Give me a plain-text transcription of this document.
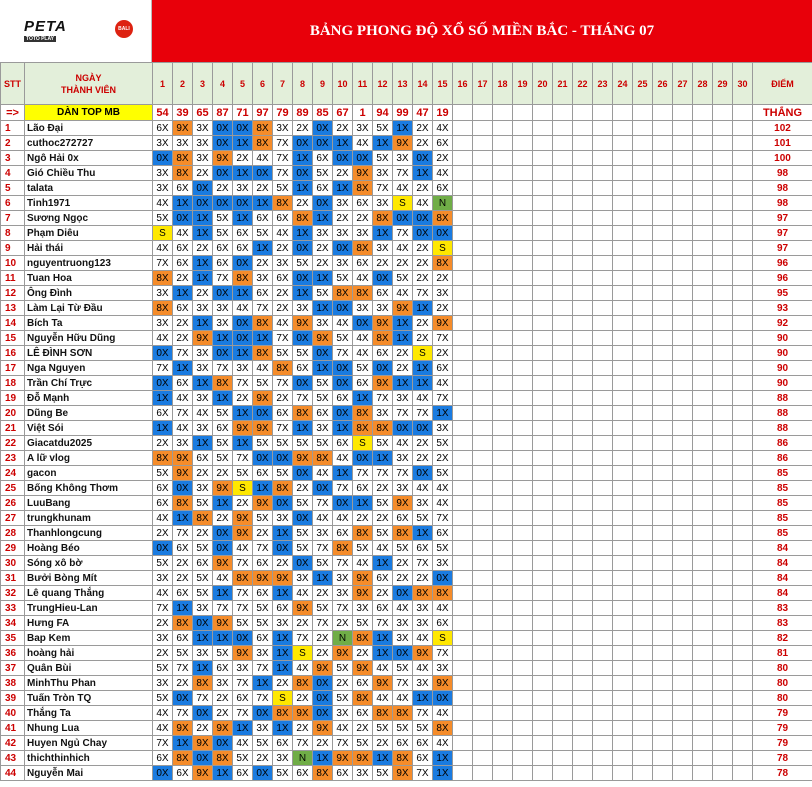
PETA
TOTO PLAY
BALI	BẢNG PHONG ĐỘ XỔ SỐ MIỀN BẮC - THÁNG 07
STT	NGÀY
THÀNH VIÊN	1	2	3	4	5	6	7	8	9	10	11	12	13	14	15	16	17	18	19	20	21	22	23	24	25	26	27	28	29	30	ĐIỂM
=>	DÀN TOP MB	54	39	65	87	71	97	79	89	85	67	1	94	99	47	19																THẮNG
1	Lão Đại	6X	9X	3X	0X	0X	8X	3X	2X	0X	2X	3X	5X	1X	2X	4X																102
2	cuthoc272727	3X	3X	3X	0X	1X	8X	7X	0X	0X	1X	4X	1X	9X	2X	6X																101
3	Ngô Hải 0x	0X	8X	3X	9X	2X	4X	7X	1X	6X	0X	0X	5X	3X	0X	2X																100
4	Gió Chiều Thu	3X	8X	2X	0X	1X	0X	7X	0X	5X	2X	9X	3X	7X	1X	4X																98
5	talata	3X	6X	0X	2X	3X	2X	5X	1X	6X	1X	8X	7X	4X	2X	6X																98
6	Tinh1971	4X	1X	0X	0X	0X	1X	8X	2X	0X	3X	6X	3X	S	4X	N																98
7	Sương Ngọc	5X	0X	1X	5X	1X	6X	6X	8X	1X	2X	2X	8X	0X	0X	8X																97
8	Phạm Diêu	S	4X	1X	5X	6X	5X	4X	1X	3X	3X	3X	1X	7X	0X	0X																97
9	Hải thái	4X	6X	2X	6X	6X	1X	2X	0X	2X	0X	8X	3X	4X	2X	S																97
10	nguyentruong123	7X	6X	1X	6X	0X	2X	3X	5X	2X	3X	6X	2X	2X	2X	8X																96
11	Tuan Hoa	8X	2X	1X	7X	8X	3X	6X	0X	1X	5X	4X	0X	5X	2X	2X																96
12	Ông Đình	3X	1X	2X	0X	1X	6X	2X	1X	5X	8X	8X	6X	4X	7X	3X																95
13	Làm Lại Từ Đầu	8X	6X	3X	3X	4X	7X	2X	3X	1X	0X	3X	3X	9X	1X	2X																93
14	Bích Ta	3X	2X	1X	3X	0X	8X	4X	9X	3X	4X	0X	9X	1X	2X	9X																92
15	Nguyễn Hữu Dũng	4X	2X	9X	1X	0X	1X	7X	0X	9X	5X	4X	8X	1X	2X	7X																90
16	LÊ ĐÌNH SƠN	0X	7X	3X	0X	1X	8X	5X	5X	0X	7X	4X	6X	2X	S	2X																90
17	Nga Nguyen	7X	1X	3X	7X	3X	4X	8X	6X	1X	0X	5X	0X	2X	1X	6X																90
18	Trần Chí Trực	0X	6X	1X	8X	7X	5X	7X	0X	5X	0X	6X	9X	1X	1X	4X																90
19	Đỗ Mạnh	1X	4X	3X	1X	2X	9X	2X	7X	5X	6X	1X	7X	3X	4X	7X																88
20	Dũng Be	6X	7X	4X	5X	1X	0X	6X	8X	6X	0X	8X	3X	7X	7X	1X																88
21	Việt Sói	1X	4X	3X	6X	9X	9X	7X	1X	3X	1X	8X	8X	0X	0X	3X																88
22	Giacatdu2025	2X	3X	1X	5X	1X	5X	5X	5X	5X	6X	S	5X	4X	2X	5X																86
23	A lữ vlog	8X	9X	6X	5X	7X	0X	0X	9X	8X	4X	0X	1X	3X	2X	2X																86
24	gacon	5X	9X	2X	2X	5X	6X	5X	0X	4X	1X	7X	7X	7X	0X	5X																85
25	Bống Không Thơm	6X	0X	3X	9X	S	1X	8X	2X	0X	7X	6X	2X	3X	4X	4X																85
26	LuuBang	6X	8X	5X	1X	2X	9X	0X	5X	7X	0X	1X	5X	9X	3X	4X																85
27	trungkhunam	4X	1X	8X	2X	9X	5X	3X	0X	4X	4X	2X	2X	6X	5X	7X																85
28	Thanhlongcung	2X	7X	2X	0X	9X	2X	1X	5X	3X	6X	8X	5X	8X	1X	6X																85
29	Hoàng Béo	0X	6X	5X	0X	4X	7X	0X	5X	7X	8X	5X	4X	5X	6X	5X																84
30	Sóng xô bờ	5X	2X	6X	9X	7X	6X	2X	0X	5X	7X	4X	1X	2X	7X	3X																84
31	Bưởi Bòng Mít	3X	2X	5X	4X	8X	9X	9X	3X	1X	3X	9X	6X	2X	2X	0X																84
32	Lê quang Thắng	4X	6X	5X	1X	7X	6X	1X	4X	2X	3X	9X	2X	0X	8X	8X																84
33	TrungHieu-Lan	7X	1X	3X	7X	7X	5X	6X	9X	5X	7X	3X	6X	4X	3X	4X																83
34	Hưng FA	2X	8X	0X	9X	5X	5X	3X	2X	7X	2X	5X	7X	3X	3X	6X																83
35	Bap Kem	3X	6X	1X	1X	0X	6X	1X	7X	2X	N	8X	1X	3X	4X	S																82
36	hoàng hải	2X	5X	3X	5X	9X	3X	1X	S	2X	9X	2X	1X	0X	9X	7X																81
37	Quân Bùi	5X	7X	1X	6X	3X	7X	1X	4X	9X	5X	9X	4X	5X	4X	3X																80
38	MinhThu Phan	3X	2X	8X	3X	7X	1X	2X	8X	0X	2X	6X	9X	7X	3X	9X																80
39	Tuấn Tròn TQ	5X	0X	7X	2X	6X	7X	S	2X	0X	5X	8X	4X	4X	1X	0X																80
40	Thắng Ta	4X	7X	0X	2X	7X	0X	8X	9X	0X	3X	6X	8X	8X	7X	4X																79
41	Nhung Lua	4X	9X	2X	9X	1X	3X	1X	2X	9X	4X	2X	5X	5X	5X	8X																79
42	Huyen Ngủ Chay	7X	1X	9X	0X	4X	5X	6X	7X	2X	7X	5X	2X	6X	6X	4X																79
43	thichthinhich	6X	8X	0X	8X	5X	2X	3X	N	1X	9X	9X	1X	8X	6X	1X																78
44	Nguyễn Mai	0X	6X	9X	1X	6X	0X	5X	6X	8X	6X	3X	5X	9X	7X	1X																78
